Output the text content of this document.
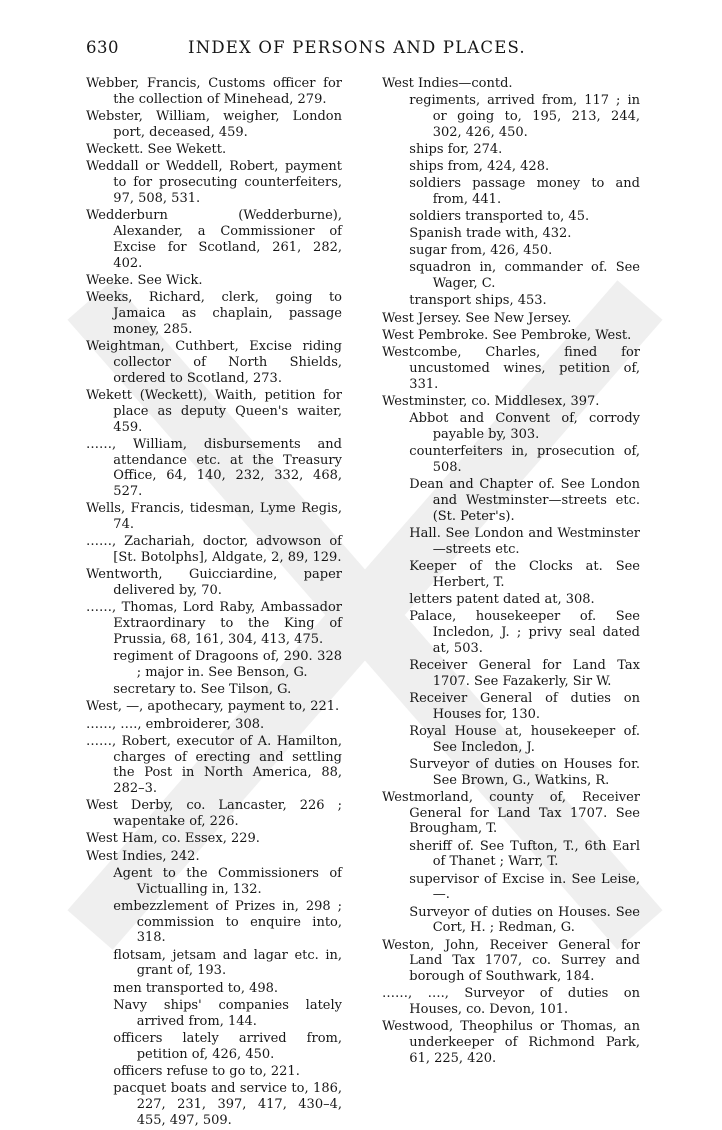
630	INDEX OF PERSONS AND PLACES.
Webber, Francis, Customs officer for the collection of Minehead, 279.
Webster, William, weigher, London port, deceased, 459.
Weckett. See Wekett.
Weddall or Weddell, Robert, payment to for prosecuting counterfeiters, 97, 508, 531.
Wedderburn (Wedderburne), Alexander, a Commissioner of Excise for Scotland, 261, 282, 402.
Weeke. See Wick.
Weeks, Richard, clerk, going to Jamaica as chaplain, passage money, 285.
Weightman, Cuthbert, Excise riding collector of North Shields, ordered to Scotland, 273.
Wekett (Weckett), Waith, petition for place as deputy Queen's waiter, 459.
……, William, disbursements and attendance etc. at the Treasury Office, 64, 140, 232, 332, 468, 527.
Wells, Francis, tidesman, Lyme Regis, 74.
……, Zachariah, doctor, advowson of [St. Botolphs], Aldgate, 2, 89, 129.
Wentworth, Guicciardine, paper delivered by, 70.
……, Thomas, Lord Raby, Ambassador Extraordinary to the King of Prussia, 68, 161, 304, 413, 475.
regiment of Dragoons of, 290. 328 ; major in. See Benson, G.
secretary to. See Tilson, G.
West, —, apothecary, payment to, 221.
……, …., embroiderer, 308.
……, Robert, executor of A. Hamilton, charges of erecting and settling the Post in North America, 88, 282–3.
West Derby, co. Lancaster, 226 ; wapentake of, 226.
West Ham, co. Essex, 229.
West Indies, 242.
Agent to the Commissioners of Victualling in, 132.
embezzlement of Prizes in, 298 ; commission to enquire into, 318.
flotsam, jetsam and lagar etc. in, grant of, 193.
men transported to, 498.
Navy ships' companies lately arrived from, 144.
officers lately arrived from, petition of, 426, 450.
officers refuse to go to, 221.
pacquet boats and service to, 186, 227, 231, 397, 417, 430–4, 455, 497, 509.
West Indies—contd.
regiments, arrived from, 117 ; in or going to, 195, 213, 244, 302, 426, 450.
ships for, 274.
ships from, 424, 428.
soldiers passage money to and from, 441.
soldiers transported to, 45.
Spanish trade with, 432.
sugar from, 426, 450.
squadron in, commander of. See Wager, C.
transport ships, 453.
West Jersey. See New Jersey.
West Pembroke. See Pembroke, West.
Westcombe, Charles, fined for uncustomed wines, petition of, 331.
Westminster, co. Middlesex, 397.
Abbot and Convent of, corrody payable by, 303.
counterfeiters in, prosecution of, 508.
Dean and Chapter of. See London and Westminster—streets etc. (St. Peter's).
Hall. See London and Westminster—streets etc.
Keeper of the Clocks at. See Herbert, T.
letters patent dated at, 308.
Palace, housekeeper of. See Incledon, J. ; privy seal dated at, 503.
Receiver General for Land Tax 1707. See Fazakerly, Sir W.
Receiver General of duties on Houses for, 130.
Royal House at, housekeeper of. See Incledon, J.
Surveyor of duties on Houses for. See Brown, G., Watkins, R.
Westmorland, county of, Receiver General for Land Tax 1707. See Brougham, T.
sheriff of. See Tufton, T., 6th Earl of Thanet ; Warr, T.
supervisor of Excise in. See Leise, —.
Surveyor of duties on Houses. See Cort, H. ; Redman, G.
Weston, John, Receiver General for Land Tax 1707, co. Surrey and borough of Southwark, 184.
……, …., Surveyor of duties on Houses, co. Devon, 101.
Westwood, Theophilus or Thomas, an underkeeper of Richmond Park, 61, 225, 420.
